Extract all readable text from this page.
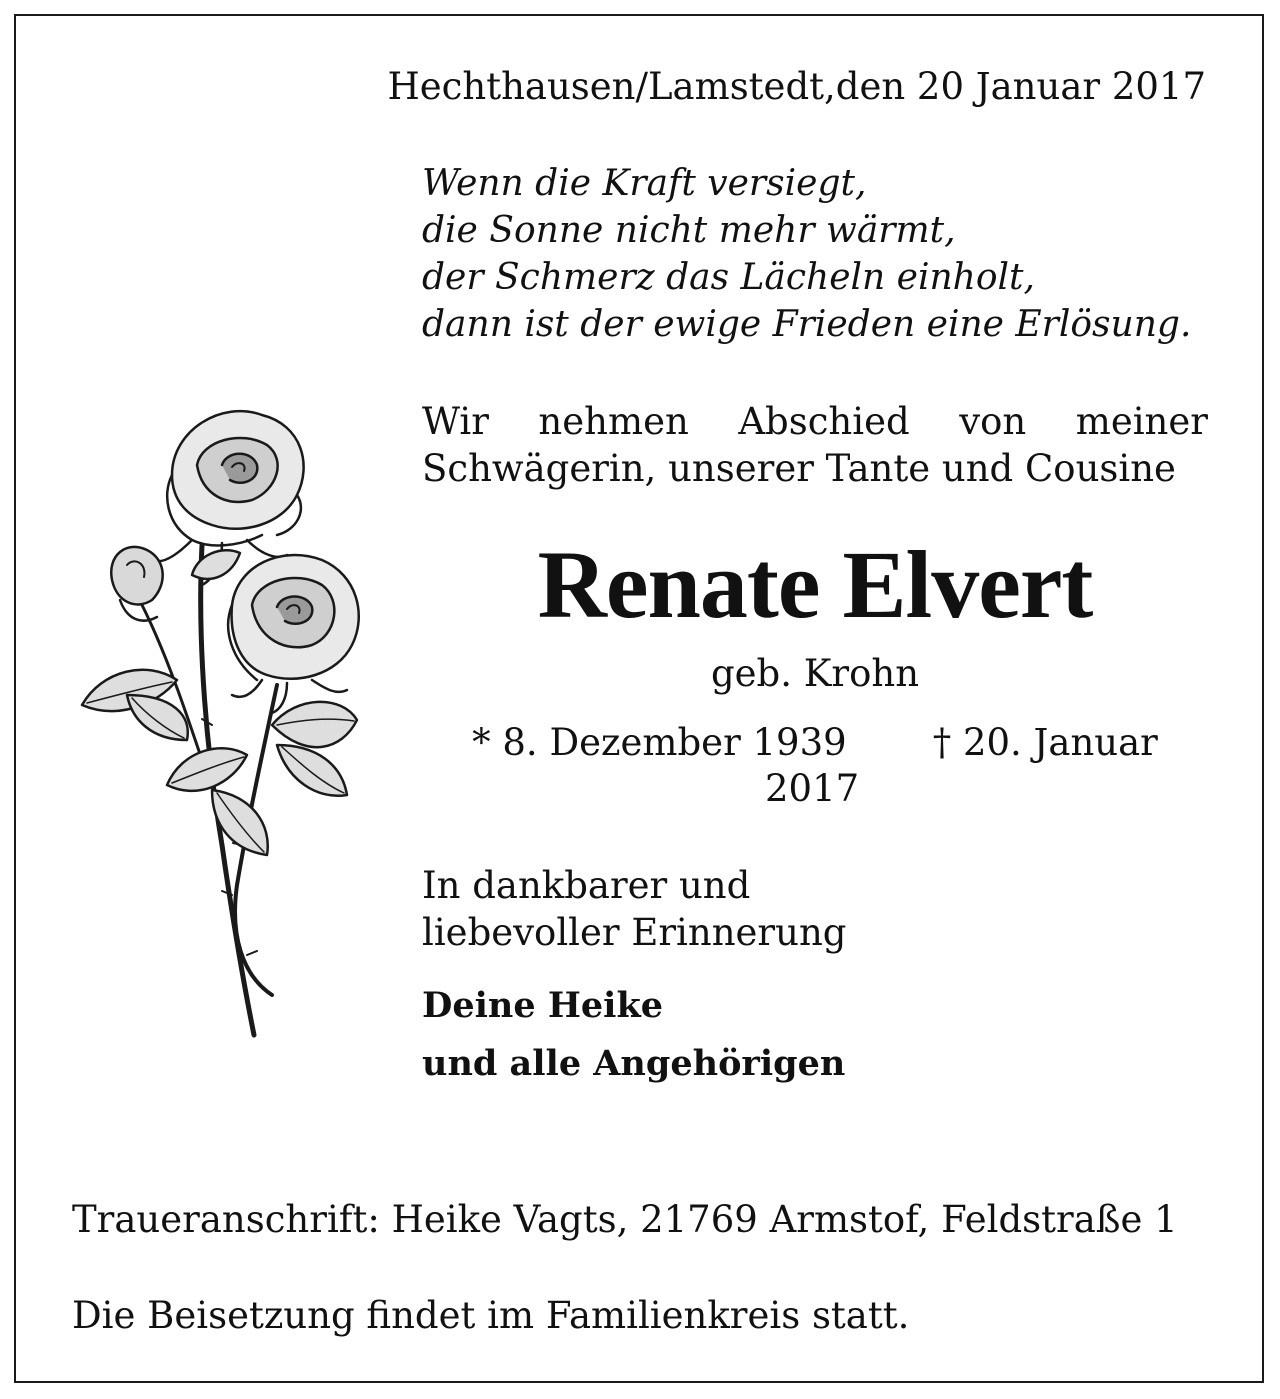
Hechthausen/Lamstedt,den 20 Januar 2017
Wenn die Kraft versiegt,
die Sonne nicht mehr wärmt,
der Schmerz das Lächeln einholt,
dann ist der ewige Frieden eine Erlösung.
Wir nehmen Abschied von meiner
Schwägerin, unserer Tante und Cousine
Renate Elvert
geb. Krohn
* 8. Dezember 1939 † 20. Januar
2017
In dankbarer und
liebevoller Erinnerung
Deine Heike
und alle Angehörigen
Traueranschrift: Heike Vagts, 21769 Armstof, Feldstraße 1
Die Beisetzung findet im Familienkreis statt.
